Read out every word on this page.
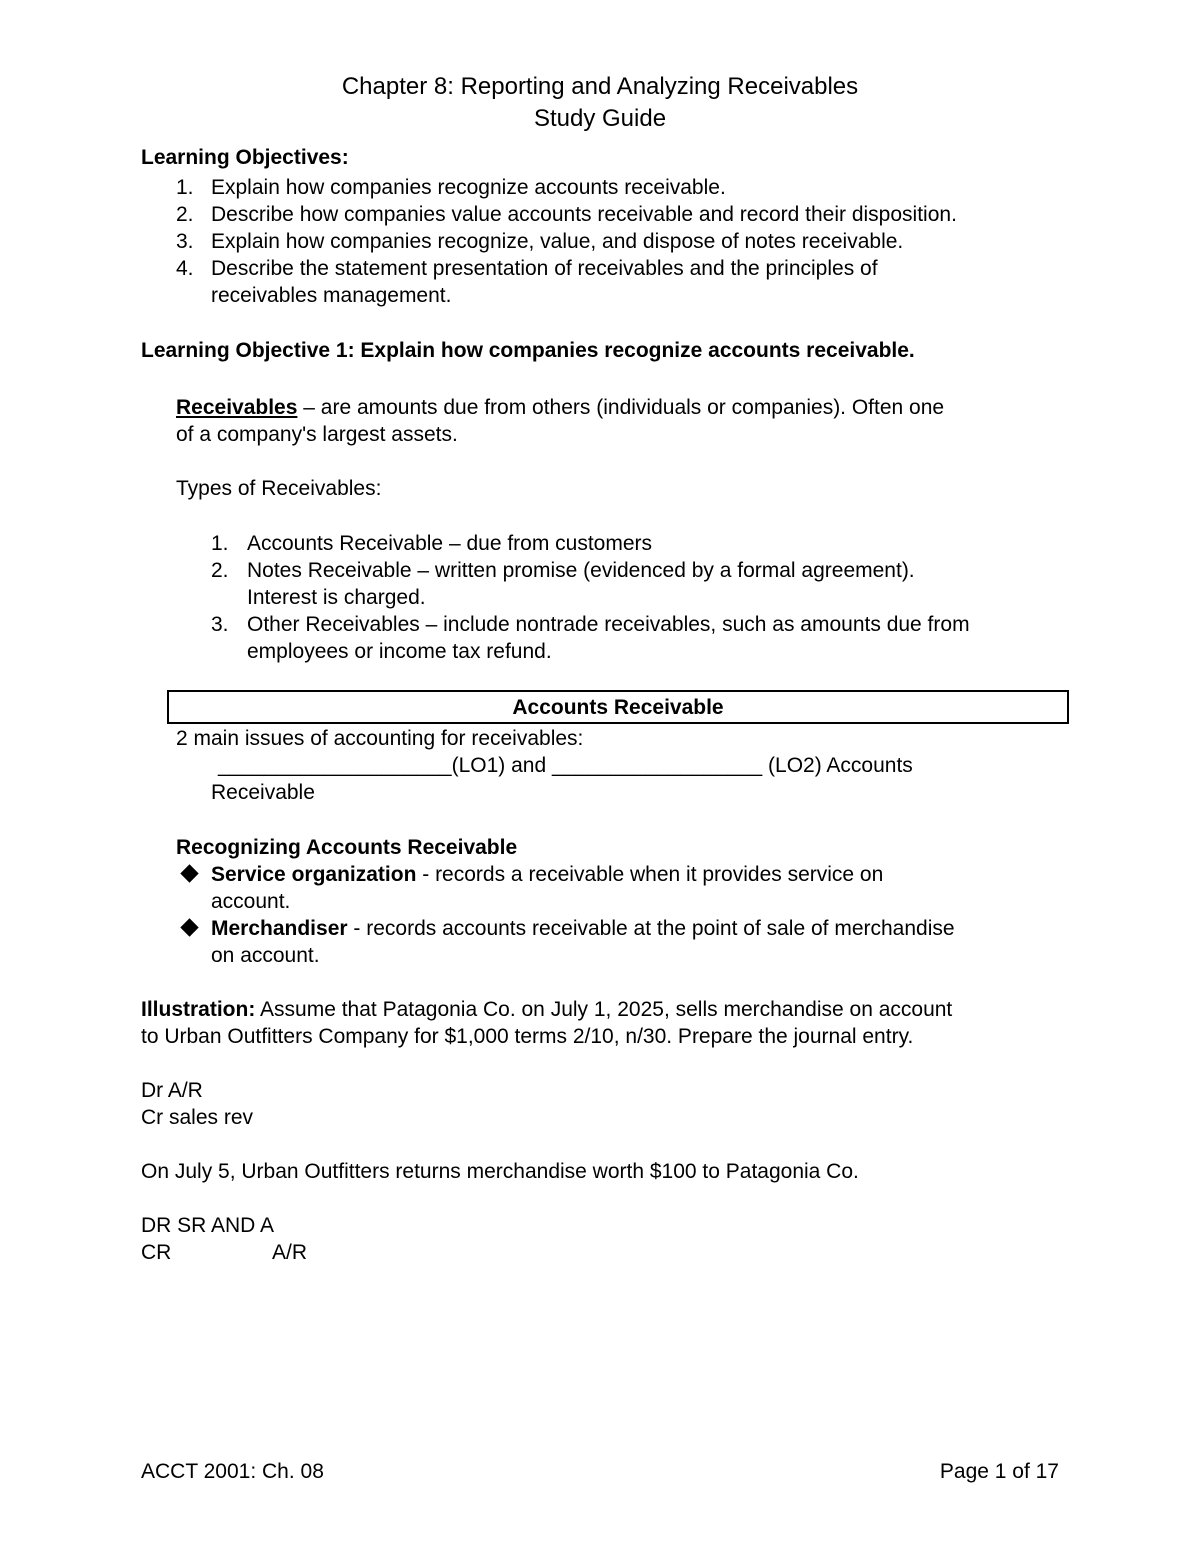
Chapter 8: Reporting and Analyzing Receivables
Study Guide
Learning Objectives:
1. Explain how companies recognize accounts receivable.
2. Describe how companies value accounts receivable and record their disposition.
3. Explain how companies recognize, value, and dispose of notes receivable.
4. Describe the statement presentation of receivables and the principles of
receivables management.
Learning Objective 1: Explain how companies recognize accounts receivable.
Receivables – are amounts due from others (individuals or companies). Often one
of a company's largest assets.
Types of Receivables:
1. Accounts Receivable – due from customers
2. Notes Receivable – written promise (evidenced by a formal agreement).
Interest is charged.
3. Other Receivables – include nontrade receivables, such as amounts due from
employees or income tax refund.
Accounts Receivable
2 main issues of accounting for receivables:
____________________(LO1) and __________________ (LO2) Accounts
Receivable
Recognizing Accounts Receivable
Service organization - records a receivable when it provides service on
account.
Merchandiser - records accounts receivable at the point of sale of merchandise
on account.
Illustration: Assume that Patagonia Co. on July 1, 2025, sells merchandise on account
to Urban Outfitters Company for $1,000 terms 2/10, n/30. Prepare the journal entry.
Dr A/R
Cr sales rev
On July 5, Urban Outfitters returns merchandise worth $100 to Patagonia Co.
DR SR AND A
CR	A/R
ACCT 2001: Ch. 08	Page 1 of 17
